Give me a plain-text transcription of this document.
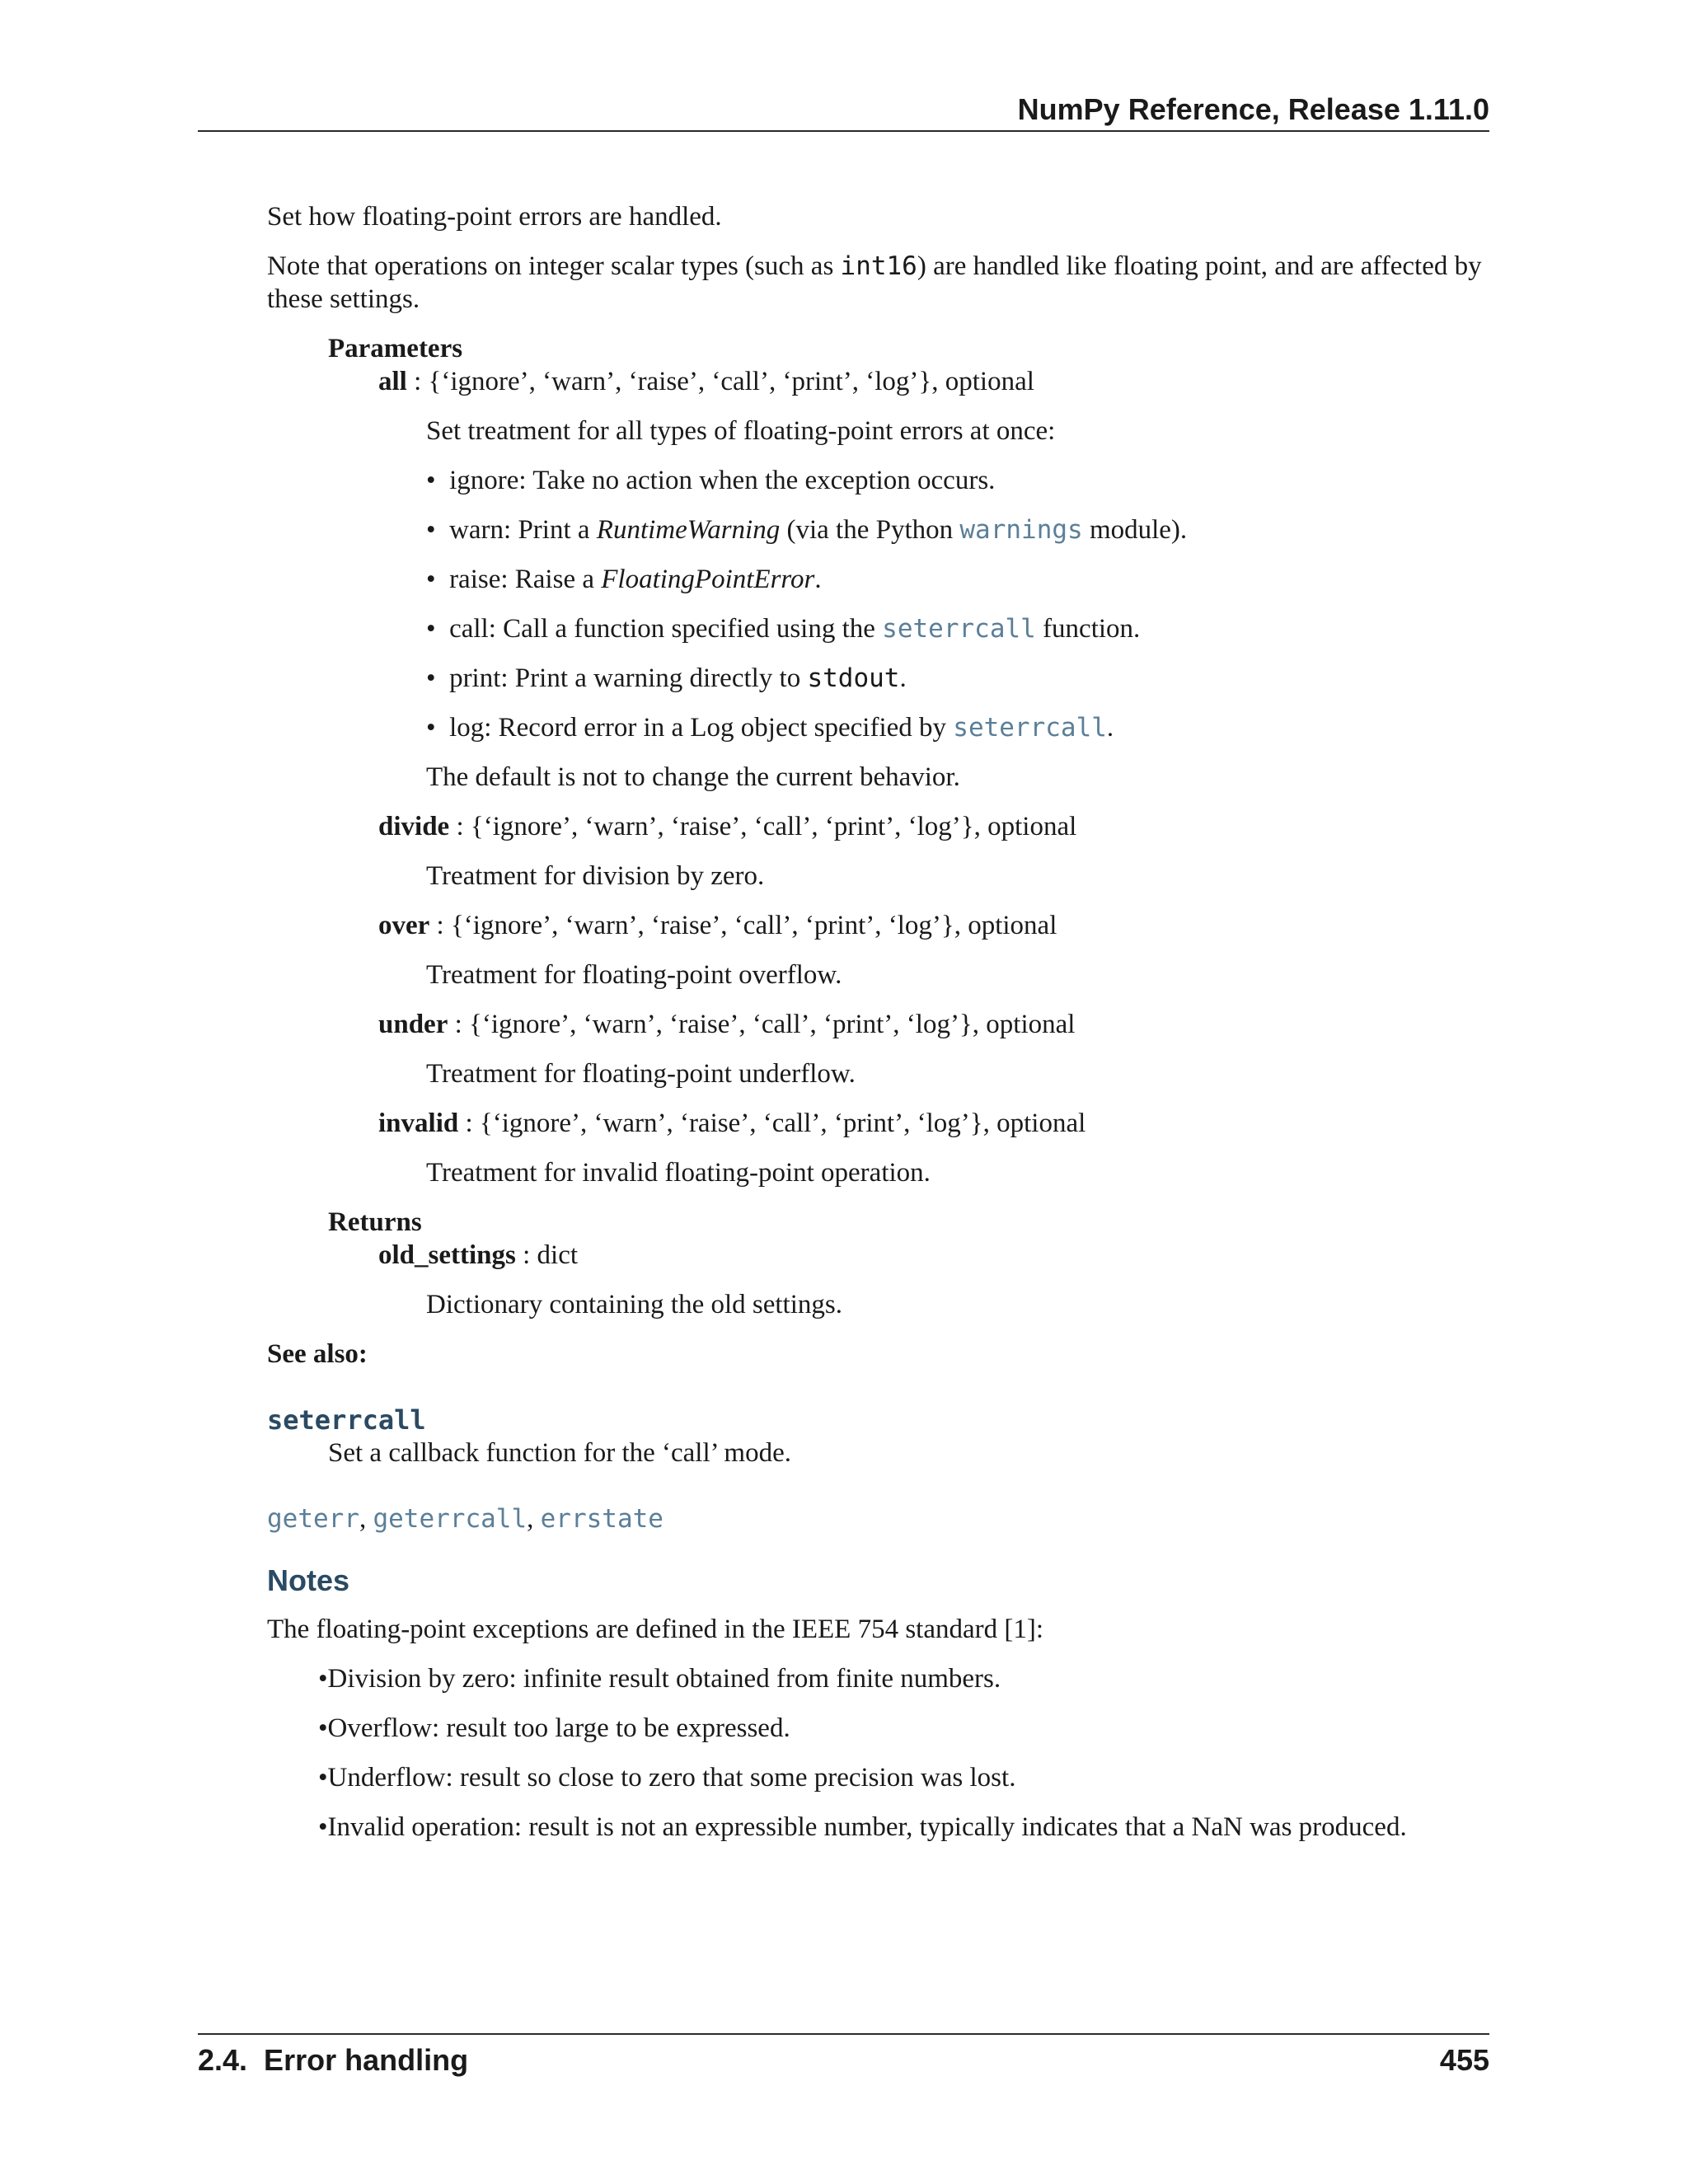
NumPy Reference, Release 1.11.0
Set how floating-point errors are handled.
Note that operations on integer scalar types (such as int16) are handled like floating point, and are affected by
these settings.
Parameters
all : {‘ignore’, ‘warn’, ‘raise’, ‘call’, ‘print’, ‘log’}, optional
Set treatment for all types of floating-point errors at once:
•  ignore: Take no action when the exception occurs.
•  warn: Print a RuntimeWarning (via the Python warnings module).
•  raise: Raise a FloatingPointError.
•  call: Call a function specified using the seterrcall function.
•  print: Print a warning directly to stdout.
•  log: Record error in a Log object specified by seterrcall.
The default is not to change the current behavior.
divide : {‘ignore’, ‘warn’, ‘raise’, ‘call’, ‘print’, ‘log’}, optional
Treatment for division by zero.
over : {‘ignore’, ‘warn’, ‘raise’, ‘call’, ‘print’, ‘log’}, optional
Treatment for floating-point overflow.
under : {‘ignore’, ‘warn’, ‘raise’, ‘call’, ‘print’, ‘log’}, optional
Treatment for floating-point underflow.
invalid : {‘ignore’, ‘warn’, ‘raise’, ‘call’, ‘print’, ‘log’}, optional
Treatment for invalid floating-point operation.
Returns
old_settings : dict
Dictionary containing the old settings.
See also:
seterrcall
Set a callback function for the ‘call’ mode.
geterr, geterrcall, errstate
Notes
The floating-point exceptions are defined in the IEEE 754 standard [1]:
•Division by zero: infinite result obtained from finite numbers.
•Overflow: result too large to be expressed.
•Underflow: result so close to zero that some precision was lost.
•Invalid operation: result is not an expressible number, typically indicates that a NaN was produced.
2.4.  Error handling	455
